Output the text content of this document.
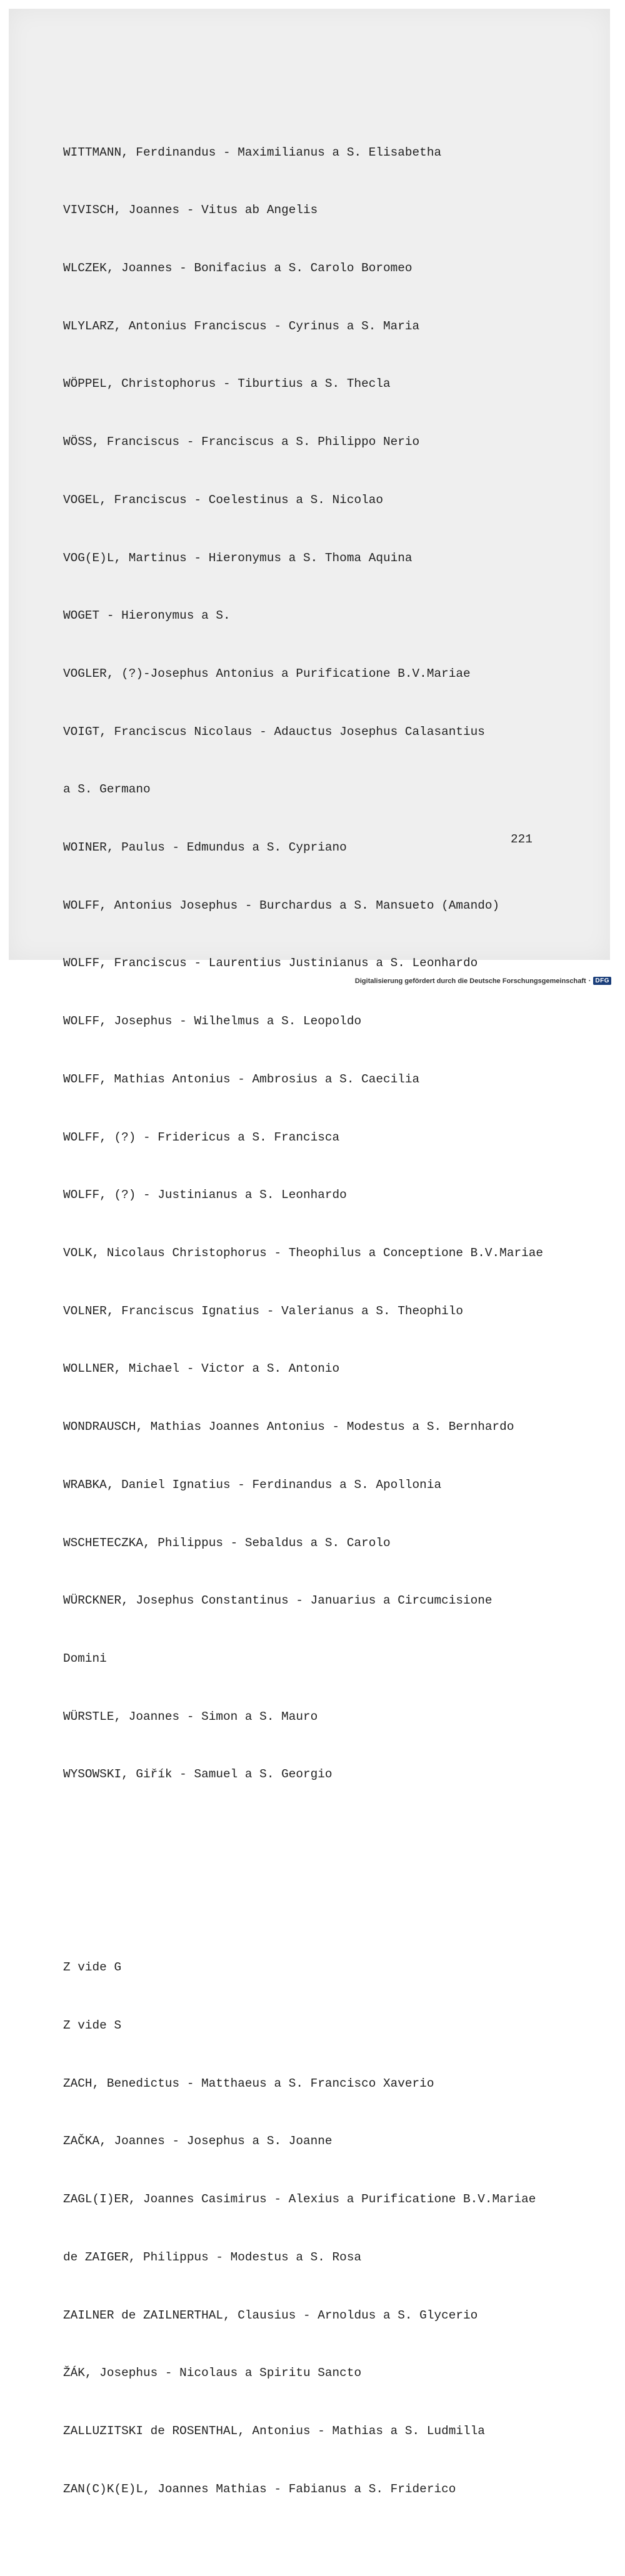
WITTMANN, Ferdinandus - Maximilianus a S. Elisabetha

VIVISCH, Joannes - Vitus ab Angelis

WLCZEK, Joannes - Bonifacius a S. Carolo Boromeo

WLYLARZ, Antonius Franciscus - Cyrinus a S. Maria

WÖPPEL, Christophorus - Tiburtius a S. Thecla

WÖSS, Franciscus - Franciscus a S. Philippo Nerio

VOGEL, Franciscus - Coelestinus a S. Nicolao

VOG(E)L, Martinus - Hieronymus a S. Thoma Aquina

WOGET - Hieronymus a S.

VOGLER, (?)-Josephus Antonius a Purificatione B.V.Mariae

VOIGT, Franciscus Nicolaus - Adauctus Josephus Calasantius

a S. Germano

WOINER, Paulus - Edmundus a S. Cypriano

WOLFF, Antonius Josephus - Burchardus a S. Mansueto (Amando)

WOLFF, Franciscus - Laurentius Justinianus a S. Leonhardo

WOLFF, Josephus - Wilhelmus a S. Leopoldo

WOLFF, Mathias Antonius - Ambrosius a S. Caecilia

WOLFF, (?) - Fridericus a S. Francisca

WOLFF, (?) - Justinianus a S. Leonhardo

VOLK, Nicolaus Christophorus - Theophilus a Conceptione B.V.Mariae

VOLNER, Franciscus Ignatius - Valerianus a S. Theophilo

WOLLNER, Michael - Victor a S. Antonio

WONDRAUSCH, Mathias Joannes Antonius - Modestus a S. Bernhardo

WRABKA, Daniel Ignatius - Ferdinandus a S. Apollonia

WSCHETECZKA, Philippus - Sebaldus a S. Carolo

WÜRCKNER, Josephus Constantinus - Januarius a Circumcisione

Domini

WÜRSTLE, Joannes - Simon a S. Mauro

WYSOWSKI, Giřík - Samuel a S. Georgio

Z vide G

Z vide S

ZACH, Benedictus - Matthaeus a S. Francisco Xaverio

ZAČKA, Joannes - Josephus a S. Joanne

ZAGL(I)ER, Joannes Casimirus - Alexius a Purificatione B.V.Mariae

de ZAIGER, Philippus - Modestus a S. Rosa

ZAILNER de ZAILNERTHAL, Clausius - Arnoldus a S. Glycerio

ŽÁK, Josephus - Nicolaus a Spiritu Sancto

ZALLUZITSKI de ROSENTHAL, Antonius - Mathias a S. Ludmilla

ZAN(C)K(E)L, Joannes Mathias - Fabianus a S. Friderico

221
Digitalisierung gefördert durch die Deutsche Forschungsgemeinschaft · DFG
